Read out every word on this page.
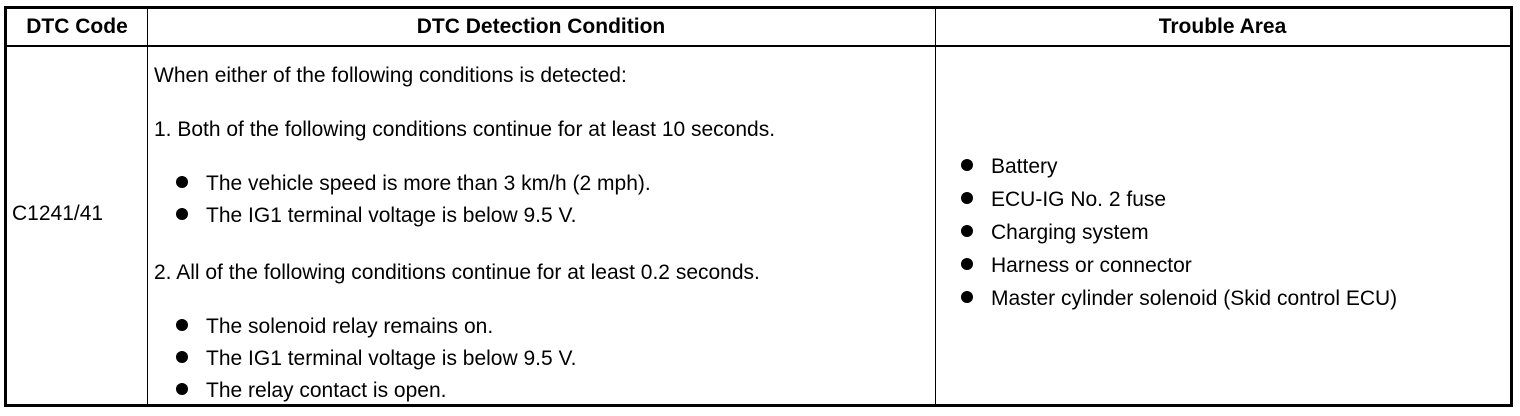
DTC Code	DTC Detection Condition	Trouble Area
C1241/41
When either of the following conditions is detected:
1. Both of the following conditions continue for at least 10 seconds.
The vehicle speed is more than 3 km/h (2 mph).
The IG1 terminal voltage is below 9.5 V.
2. All of the following conditions continue for at least 0.2 seconds.
The solenoid relay remains on.
The IG1 terminal voltage is below 9.5 V.
The relay contact is open.
Battery
ECU-IG No. 2 fuse
Charging system
Harness or connector
Master cylinder solenoid (Skid control ECU)
